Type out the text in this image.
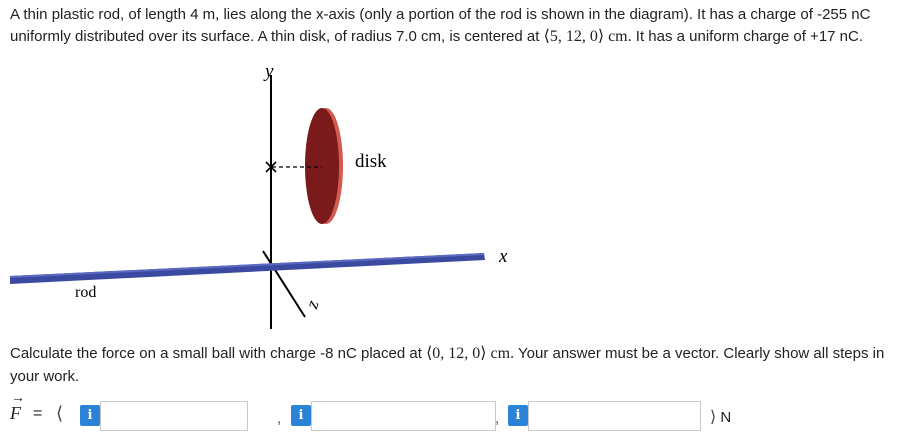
A thin plastic rod, of length 4 m, lies along the x-axis (only a portion of the rod is shown in the diagram). It has a charge of -255 nC uniformly distributed over its surface. A thin disk, of radius 7.0 cm, is centered at ⟨5, 12, 0⟩ cm. It has a uniform charge of +17 nC.

y
z
disk
x
rod

Calculate the force on a small ball with charge -8 nC placed at ⟨0, 12, 0⟩ cm. Your answer must be a vector. Clearly show all steps in your work.

→
F = ⟨	i	,	i	,	i	⟩ N
